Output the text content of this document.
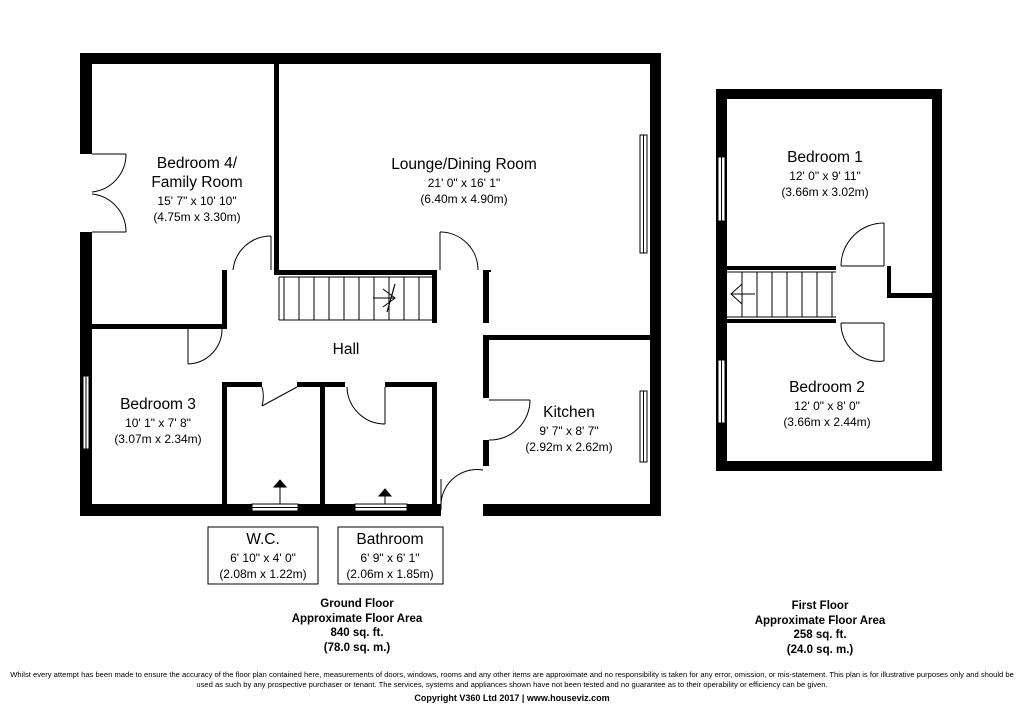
Bedroom 4/
Family Room
15' 7" x 10' 10"
(4.75m x 3.30m)
Lounge/Dining Room
21' 0" x 16' 1"
(6.40m x 4.90m)
Hall
Bedroom 3
10' 1" x 7' 8"
(3.07m x 2.34m)
Kitchen
9' 7" x 8' 7"
(2.92m x 2.62m)
W.C.
6' 10" x 4' 0"
(2.08m x 1.22m)
Bathroom
6' 9" x 6' 1"
(2.06m x 1.85m)
Bedroom 1
12' 0" x 9' 11"
(3.66m x 3.02m)
Bedroom 2
12' 0" x 8' 0"
(3.66m x 2.44m)
Ground Floor
Approximate Floor Area
840 sq. ft.
(78.0 sq. m.)
First Floor
Approximate Floor Area
258 sq. ft.
(24.0 sq. m.)
Whilst every attempt has been made to ensure the accuracy of the floor plan contained here, measurements of doors, windows, rooms and any other items are approximate and no responsibility is taken for any error, omission, or mis-statement. This plan is for illustrative purposes only and should be used as such by any prospective purchaser or tenant. The services, systems and appliances shown have not been tested and no guarantee as to their operability or efficiency can be given.
Copyright V360 Ltd 2017 | www.houseviz.com
